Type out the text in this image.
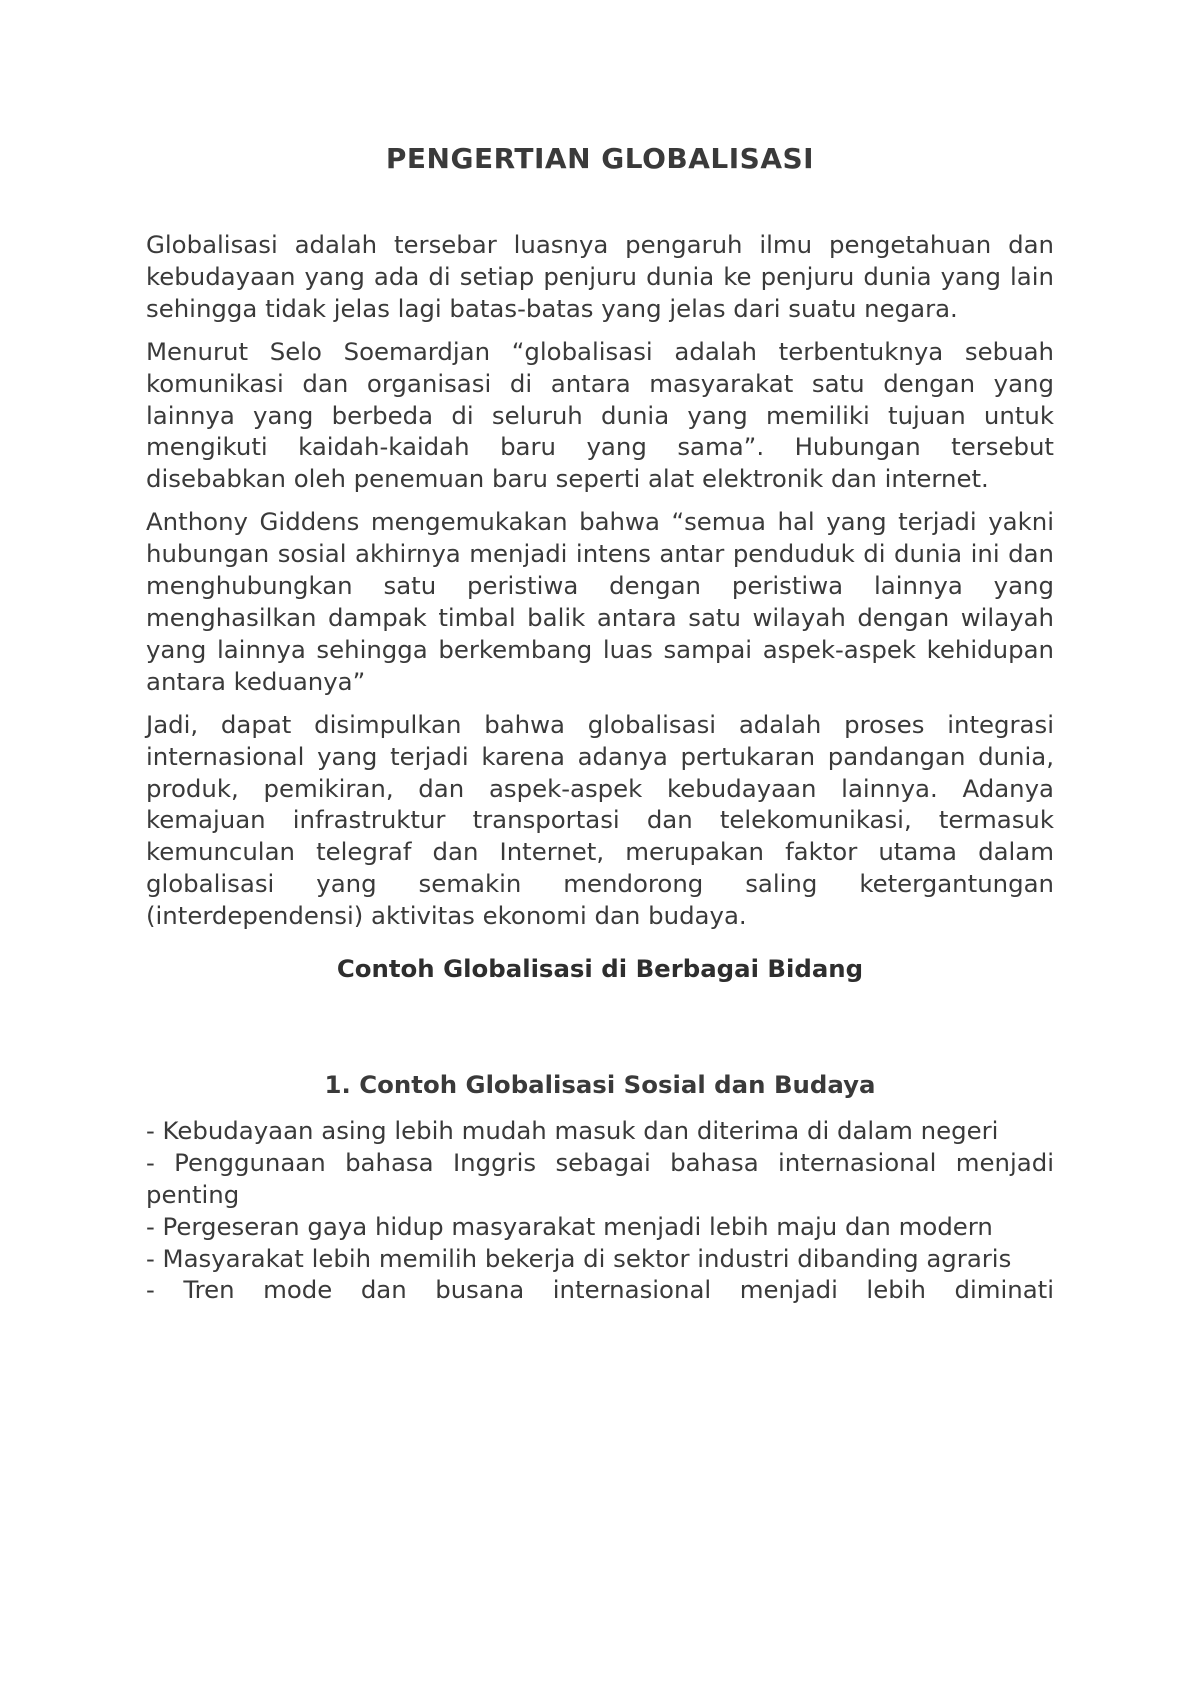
PENGERTIAN GLOBALISASI

Globalisasi adalah tersebar luasnya pengaruh ilmu pengetahuan dan kebudayaan yang ada di setiap penjuru dunia ke penjuru dunia yang lain sehingga tidak jelas lagi batas-batas yang jelas dari suatu negara.

Menurut Selo Soemardjan “globalisasi adalah terbentuknya sebuah komunikasi dan organisasi di antara masyarakat satu dengan yang lainnya yang berbeda di seluruh dunia yang memiliki tujuan untuk mengikuti kaidah-kaidah baru yang sama”. Hubungan tersebut disebabkan oleh penemuan baru seperti alat elektronik dan internet.

Anthony Giddens mengemukakan bahwa “semua hal yang terjadi yakni hubungan sosial akhirnya menjadi intens antar penduduk di dunia ini dan menghubungkan satu peristiwa dengan peristiwa lainnya yang menghasilkan dampak timbal balik antara satu wilayah dengan wilayah yang lainnya sehingga berkembang luas sampai aspek-aspek kehidupan antara keduanya”

Jadi, dapat disimpulkan bahwa globalisasi adalah proses integrasi internasional yang terjadi karena adanya pertukaran pandangan dunia, produk, pemikiran, dan aspek-aspek kebudayaan lainnya. Adanya kemajuan infrastruktur transportasi dan telekomunikasi, termasuk kemunculan telegraf dan Internet, merupakan faktor utama dalam globalisasi yang semakin mendorong saling ketergantungan (interdependensi) aktivitas ekonomi dan budaya.

Contoh Globalisasi di Berbagai Bidang
1. Contoh Globalisasi Sosial dan Budaya
- Kebudayaan asing lebih mudah masuk dan diterima di dalam negeri
- Penggunaan bahasa Inggris sebagai bahasa internasional menjadi penting
- Pergeseran gaya hidup masyarakat menjadi lebih maju dan modern
- Masyarakat lebih memilih bekerja di sektor industri dibanding agraris
- Tren mode dan busana internasional menjadi lebih diminati
